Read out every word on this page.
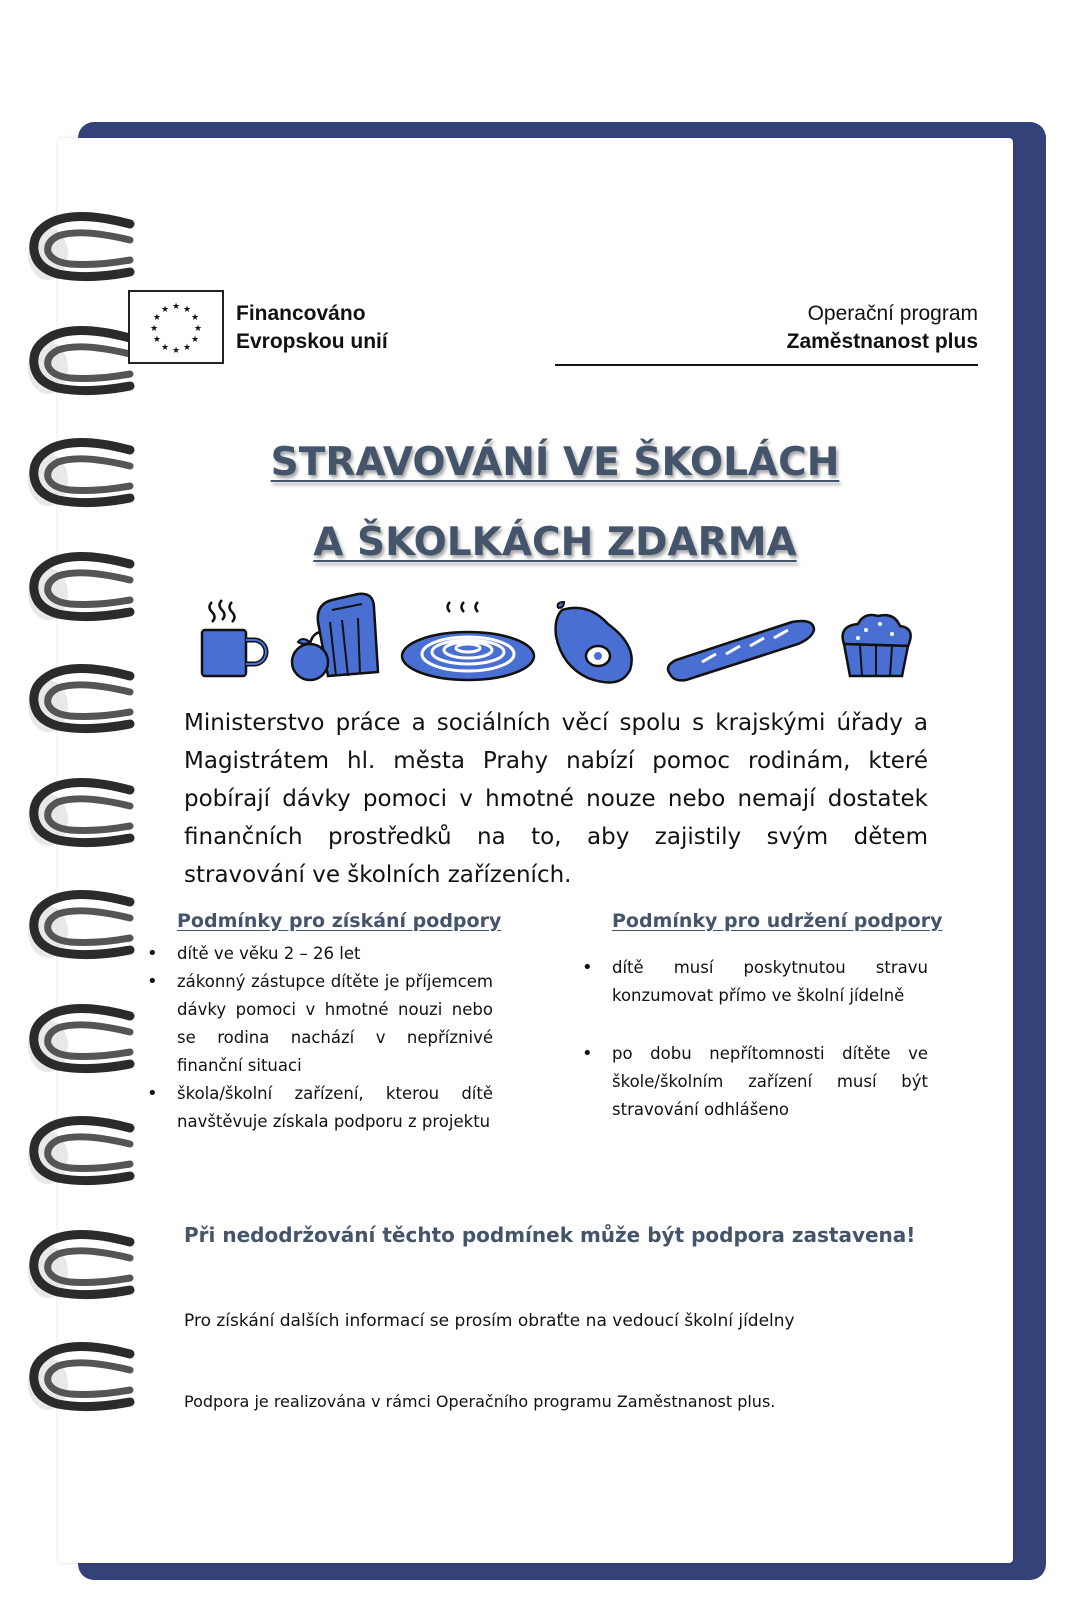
★
★
★
★
★
★
★
★
★ ★ ★
★ Financováno
Evropskou unií
Operační program
Zaměstnanost plus
STRAVOVÁNÍ VE ŠKOLÁCH
A ŠKOLKÁCH ZDARMA
Ministerstvo práce a sociálních věcí spolu s krajskými úřady a Magistrátem hl. města Prahy nabízí pomoc rodinám, které pobírají dávky pomoci v hmotné nouze nebo nemají dostatek finančních prostředků na to, aby zajistily svým dětem stravování ve školních zařízeních.
Podmínky pro získání podpory
• dítě ve věku 2 – 26 let
• zákonný zástupce dítěte je příjemcem dávky pomoci v hmotné nouzi nebo se rodina nachází v nepříznivé finanční situaci
• škola/školní zařízení, kterou dítě navštěvuje získala podporu z projektu
Podmínky pro udržení podpory
• dítě musí poskytnutou stravu konzumovat přímo ve školní jídelně
• po dobu nepřítomnosti dítěte ve škole/školním zařízení musí být stravování odhlášeno
Při nedodržování těchto podmínek může být podpora zastavena!
Pro získání dalších informací se prosím obraťte na vedoucí školní jídelny
Podpora je realizována v rámci Operačního programu Zaměstnanost plus.
